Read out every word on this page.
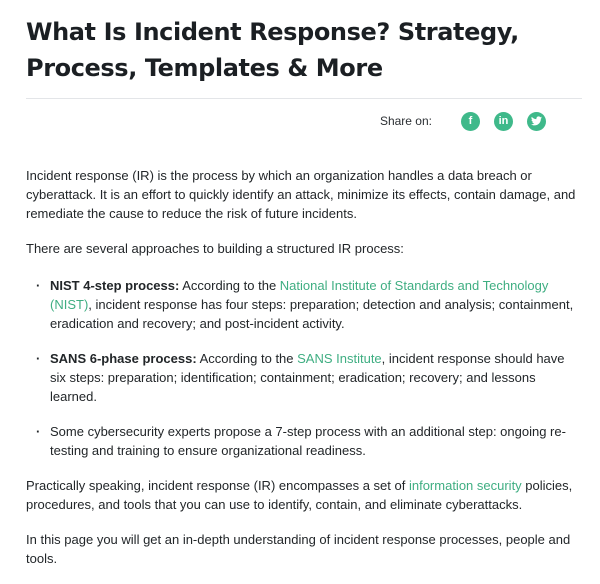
What Is Incident Response? Strategy, Process, Templates & More
Share on:	f	in

Incident response (IR) is the process by which an organization handles a data breach or cyberattack. It is an effort to quickly identify an attack, minimize its effects, contain damage, and remediate the cause to reduce the risk of future incidents.

There are several approaches to building a structured IR process:

· NIST 4-step process: According to the National Institute of Standards and Technology (NIST), incident response has four steps: preparation; detection and analysis; containment, eradication and recovery; and post-incident activity.
· SANS 6-phase process: According to the SANS Institute, incident response should have six steps: preparation; identification; containment; eradication; recovery; and lessons learned.
· Some cybersecurity experts propose a 7-step process with an additional step: ongoing re-testing and training to ensure organizational readiness.

Practically speaking, incident response (IR) encompasses a set of information security policies, procedures, and tools that you can use to identify, contain, and eliminate cyberattacks.

In this page you will get an in-depth understanding of incident response processes, people and tools.
